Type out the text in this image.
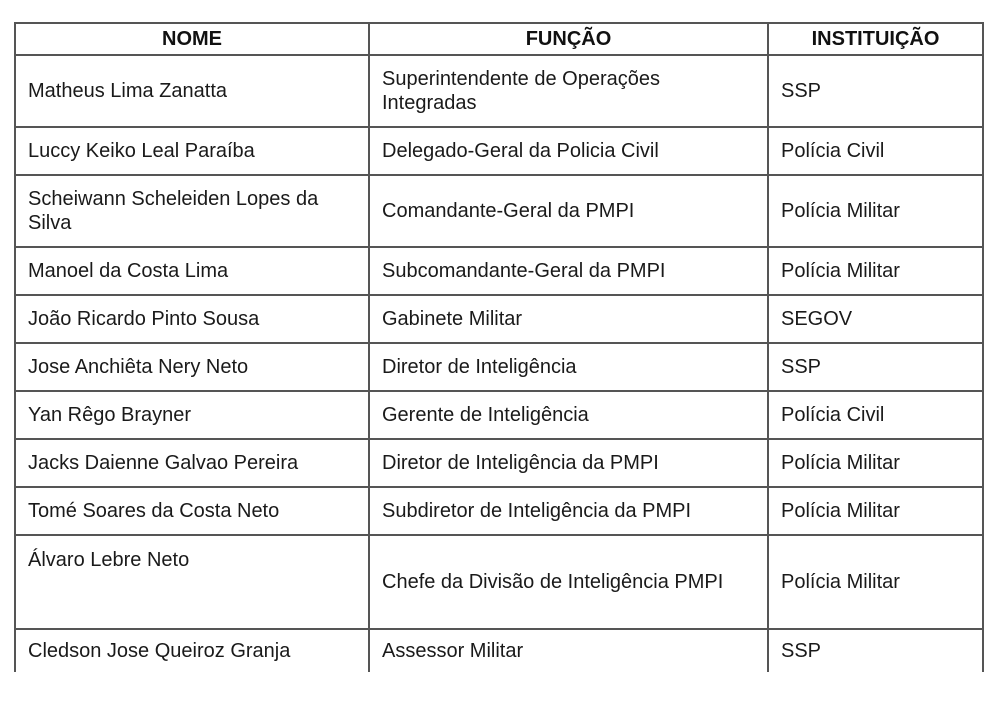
NOME	FUNÇÃO	INSTITUIÇÃO
Matheus Lima Zanatta	Superintendente de Operações Integradas	SSP
Luccy Keiko Leal Paraíba	Delegado-Geral da Policia Civil	Polícia Civil
Scheiwann Scheleiden Lopes da Silva	Comandante-Geral da PMPI	Polícia Militar
Manoel da Costa Lima	Subcomandante-Geral da PMPI	Polícia Militar
João Ricardo Pinto Sousa	Gabinete Militar	SEGOV
Jose Anchiêta Nery Neto	Diretor de Inteligência	SSP
Yan Rêgo Brayner	Gerente de Inteligência	Polícia Civil
Jacks Daienne Galvao Pereira	Diretor de Inteligência da PMPI	Polícia Militar
Tomé Soares da Costa Neto	Subdiretor de Inteligência da PMPI	Polícia Militar
Álvaro Lebre Neto	Chefe da Divisão de Inteligência PMPI	Polícia Militar
Cledson Jose Queiroz Granja	Assessor Militar	SSP
